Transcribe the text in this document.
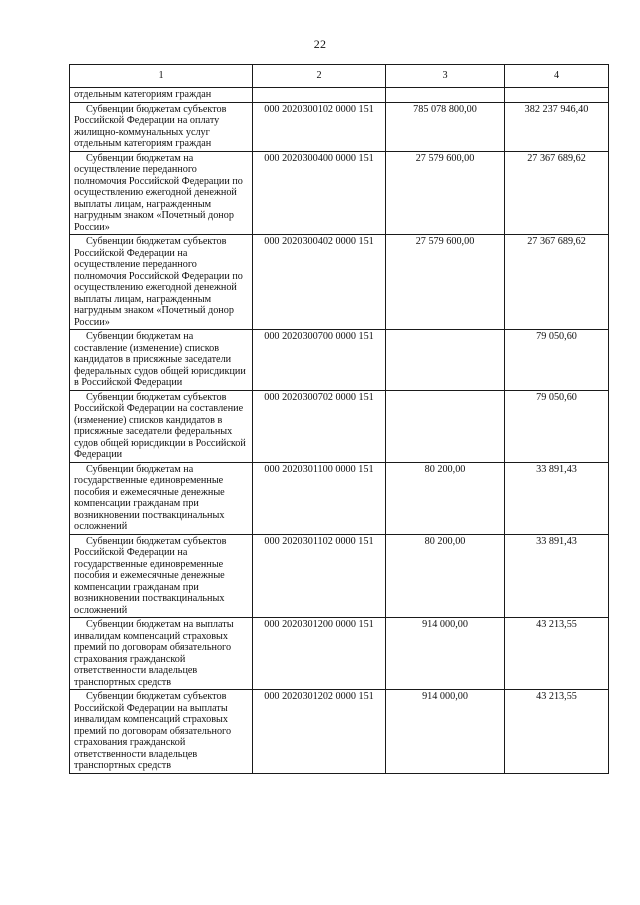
22
1	2	3	4
отдельным категориям граждан			
Субвенции бюджетам субъектов Российской Федерации на оплату жилищно-коммунальных услуг отдельным категориям граждан	000 2020300102 0000 151	785 078 800,00	382 237 946,40
Субвенции бюджетам на осуществление переданного полномочия Российской Федерации по осуществлению ежегодной денежной выплаты лицам, награжденным нагрудным знаком «Почетный донор России»	000 2020300400 0000 151	27 579 600,00	27 367 689,62
Субвенции бюджетам субъектов Российской Федерации на осуществление переданного полномочия Российской Федерации по осуществлению ежегодной денежной выплаты лицам, награжденным нагрудным знаком «Почетный донор России»	000 2020300402 0000 151	27 579 600,00	27 367 689,62
Субвенции бюджетам на составление (изменение) списков кандидатов в присяжные заседатели федеральных судов общей юрисдикции в Российской Федерации	000 2020300700 0000 151		79 050,60
Субвенции бюджетам субъектов Российской Федерации на составление (изменение) списков кандидатов в присяжные заседатели федеральных судов общей юрисдикции в Российской Федерации	000 2020300702 0000 151		79 050,60
Субвенции бюджетам на государственные единовременные пособия и ежемесячные денежные компенсации гражданам при возникновении поствакцинальных осложнений	000 2020301100 0000 151	80 200,00	33 891,43
Субвенции бюджетам субъектов Российской Федерации на государственные единовременные пособия и ежемесячные денежные компенсации гражданам при возникновении поствакцинальных осложнений	000 2020301102 0000 151	80 200,00	33 891,43
Субвенции бюджетам на выплаты инвалидам компенсаций страховых премий по договорам обязательного страхования гражданской ответственности владельцев транспортных средств	000 2020301200 0000 151	914 000,00	43 213,55
Субвенции бюджетам субъектов Российской Федерации на выплаты инвалидам компенсаций страховых премий по договорам обязательного страхования гражданской ответственности владельцев транспортных средств	000 2020301202 0000 151	914 000,00	43 213,55
